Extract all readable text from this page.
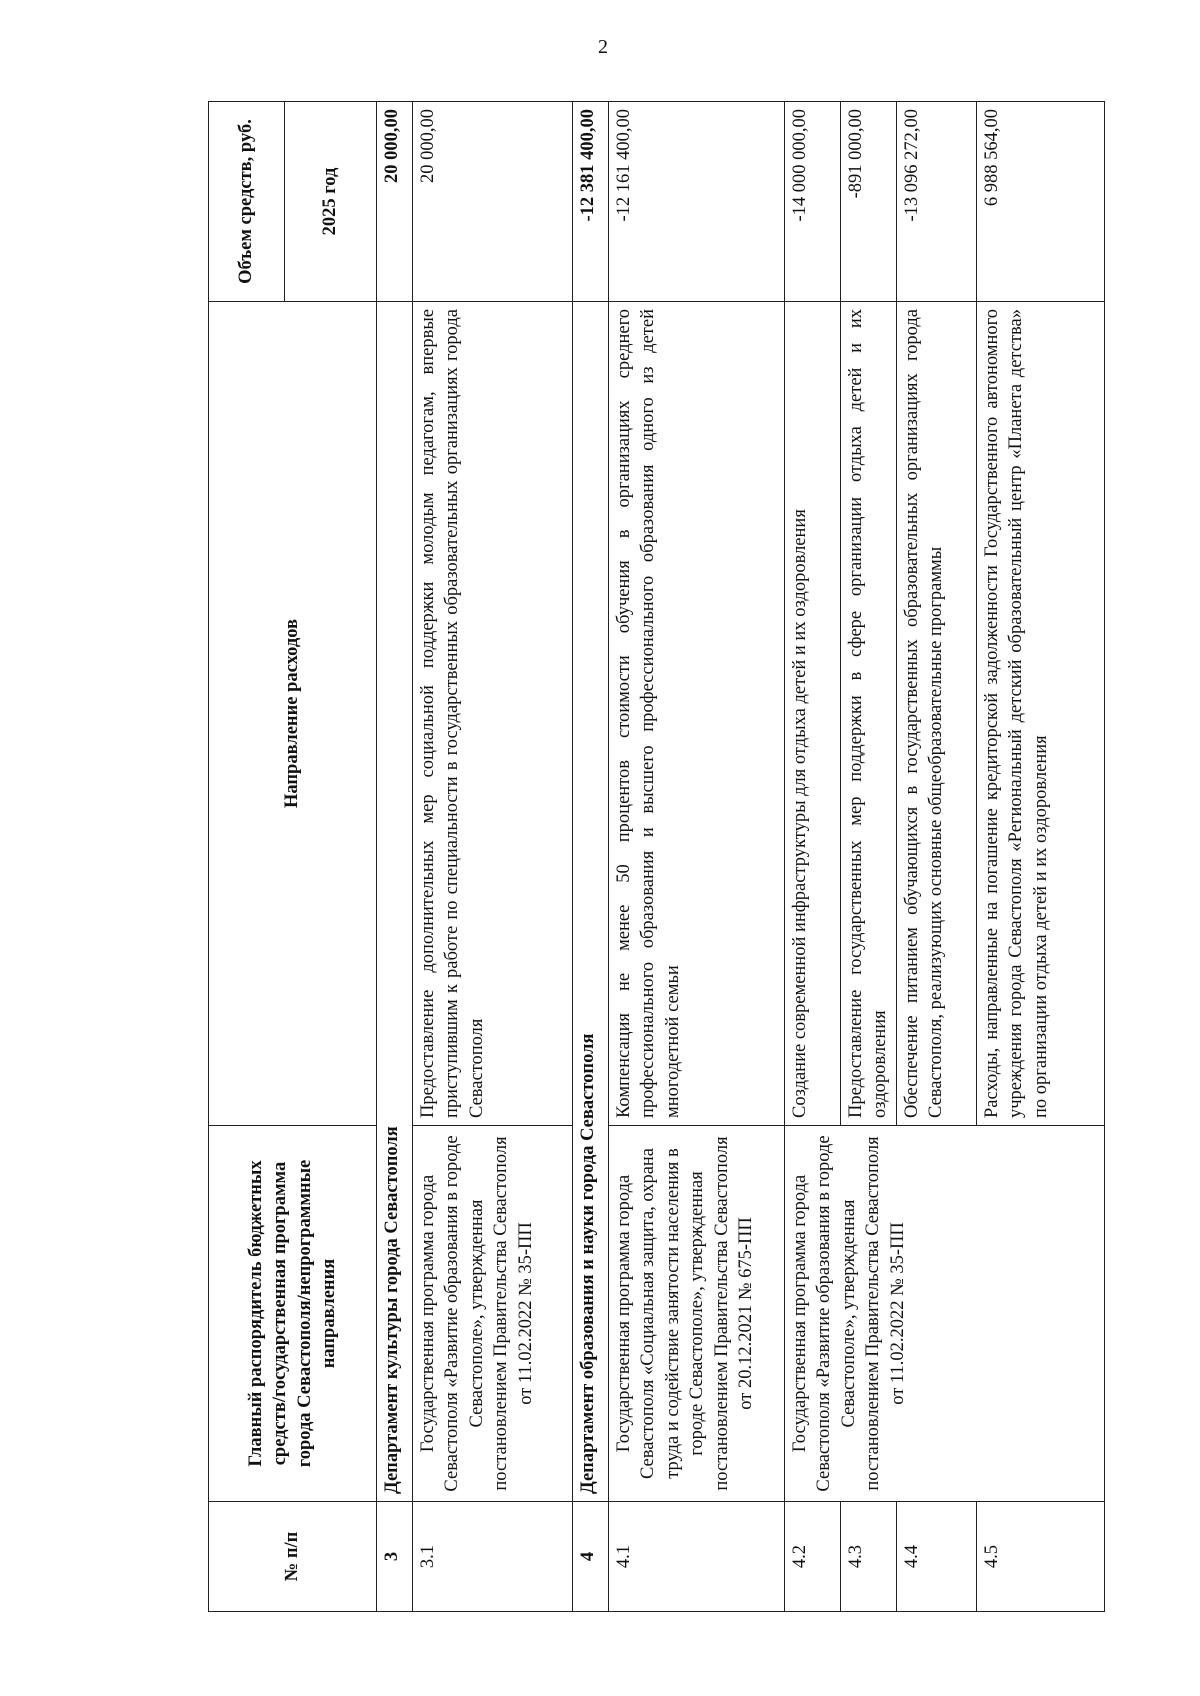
2
№ п/п	Главный распорядитель бюджетных средств/государственная программа города Севастополя/непрограммные направления	Направление расходов	Объем средств, руб.
			2025 год
3	Департамент культуры города Севастополя		20 000,00
3.1	Государственная программа города Севастополя «Развитие образования в городе Севастополе», утвержденная постановлением Правительства Севастополя от 11.02.2022 № 35-ПП	Предоставление дополнительных мер социальной поддержки молодым педагогам, впервые приступившим к работе по специальности в государственных образовательных организациях города Севастополя	20 000,00
4	Департамент образования и науки города Севастополя		-12 381 400,00
4.1	Государственная программа города Севастополя «Социальная защита, охрана труда и содействие занятости населения в городе Севастополе», утвержденная постановлением Правительства Севастополя от 20.12.2021 № 675-ПП	Компенсация не менее 50 процентов стоимости обучения в организациях среднего профессионального образования и высшего профессионального образования одного из детей многодетной семьи	-12 161 400,00
4.2	Государственная программа города Севастополя «Развитие образования в городе Севастополе», утвержденная постановлением Правительства Севастополя от 11.02.2022 № 35-ПП	Создание современной инфраструктуры для отдыха детей и их оздоровления	-14 000 000,00
4.3		Предоставление государственных мер поддержки в сфере организации отдыха детей и их оздоровления	-891 000,00
4.4		Обеспечение питанием обучающихся в государственных образовательных организациях города Севастополя, реализующих основные общеобразовательные программы	-13 096 272,00
4.5		Расходы, направленные на погашение кредиторской задолженности Государственного автономного учреждения города Севастополя «Региональный детский образовательный центр «Планета детства» по организации отдыха детей и их оздоровления	6 988 564,00
